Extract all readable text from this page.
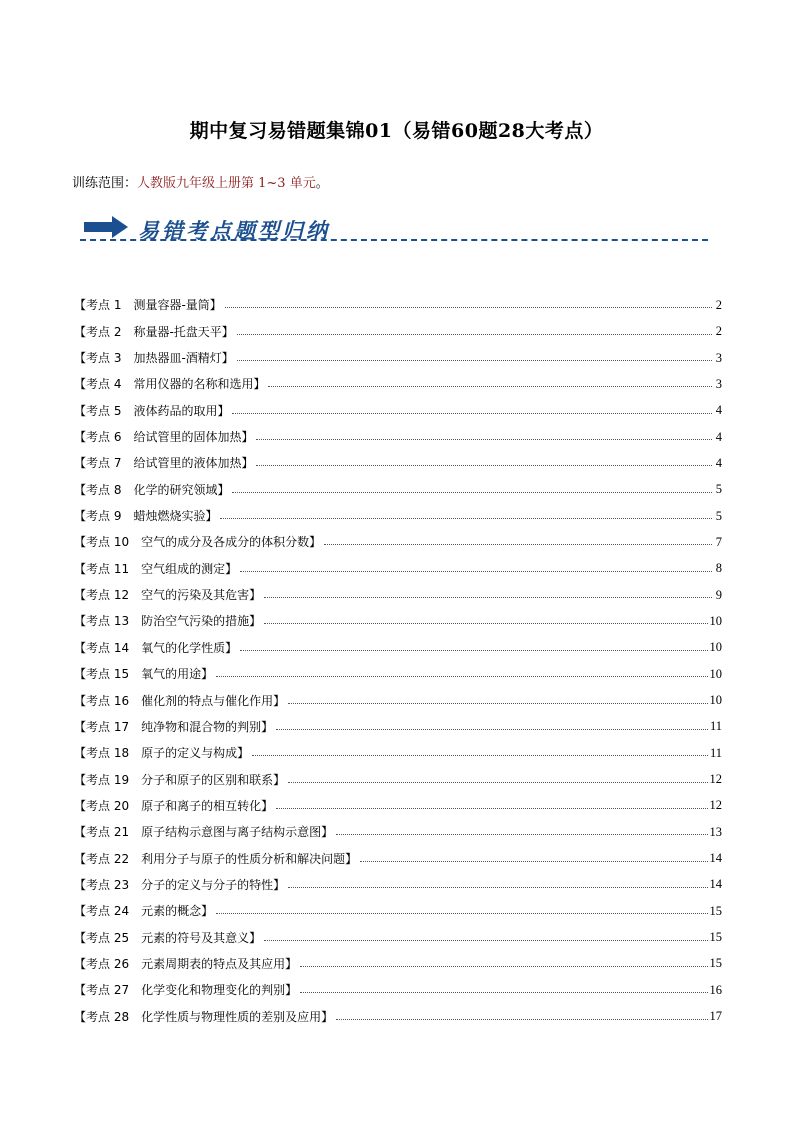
期中复习易错题集锦01（易错60题28大考点）
训练范围：人教版九年级上册第 1~3 单元。
易错考点题型归纳
【考点 1　测量容器-量筒】	2
【考点 2　称量器-托盘天平】	2
【考点 3　加热器皿-酒精灯】	3
【考点 4　常用仪器的名称和选用】	3
【考点 5　液体药品的取用】	4
【考点 6　给试管里的固体加热】	4
【考点 7　给试管里的液体加热】	4
【考点 8　化学的研究领域】	5
【考点 9　蜡烛燃烧实验】	5
【考点 10　空气的成分及各成分的体积分数】	7
【考点 11　空气组成的测定】	8
【考点 12　空气的污染及其危害】	9
【考点 13　防治空气污染的措施】	10
【考点 14　氧气的化学性质】	10
【考点 15　氧气的用途】	10
【考点 16　催化剂的特点与催化作用】	10
【考点 17　纯净物和混合物的判别】	11
【考点 18　原子的定义与构成】	11
【考点 19　分子和原子的区别和联系】	12
【考点 20　原子和离子的相互转化】	12
【考点 21　原子结构示意图与离子结构示意图】	13
【考点 22　利用分子与原子的性质分析和解决问题】	14
【考点 23　分子的定义与分子的特性】	14
【考点 24　元素的概念】	15
【考点 25　元素的符号及其意义】	15
【考点 26　元素周期表的特点及其应用】	15
【考点 27　化学变化和物理变化的判别】	16
【考点 28　化学性质与物理性质的差别及应用】	17
